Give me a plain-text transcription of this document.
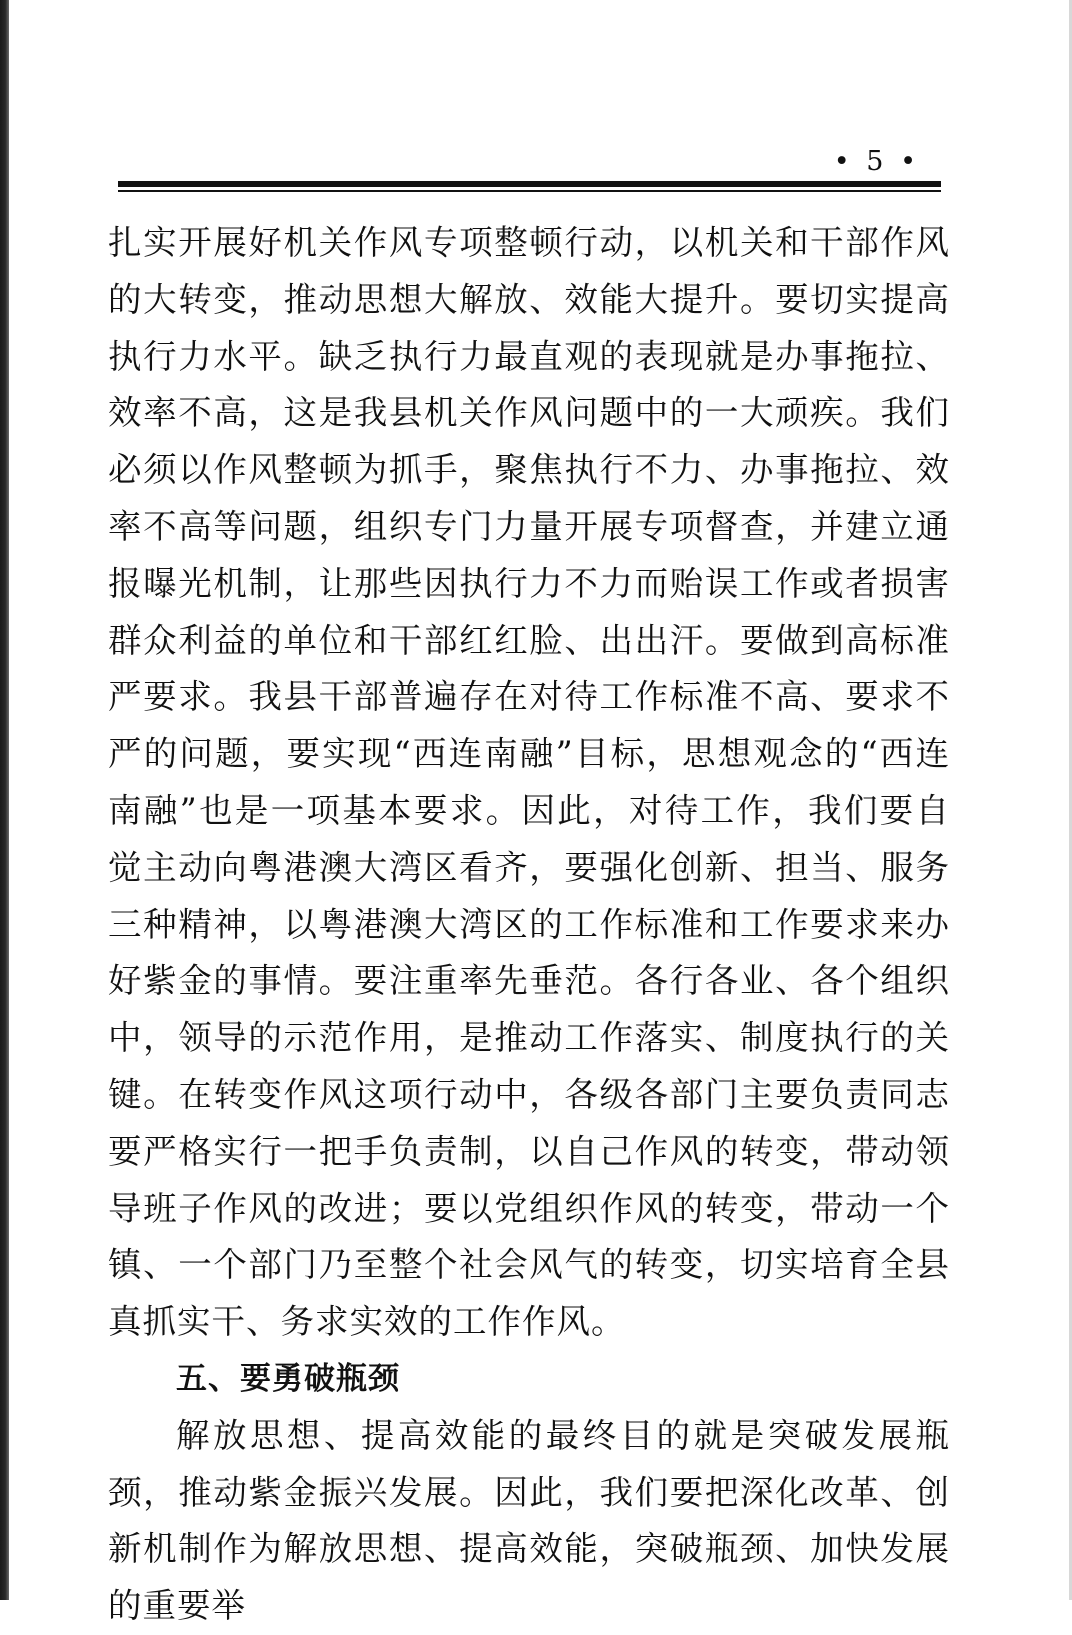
• 5 •

扎实开展好机关作风专项整顿行动，以机关和干部作风的大转变，推动思想大解放、效能大提升。要切实提高执行力水平。缺乏执行力最直观的表现就是办事拖拉、效率不高，这是我县机关作风问题中的一大顽疾。我们必须以作风整顿为抓手，聚焦执行不力、办事拖拉、效率不高等问题，组织专门力量开展专项督查，并建立通报曝光机制，让那些因执行力不力而贻误工作或者损害群众利益的单位和干部红红脸、出出汗。要做到高标准严要求。我县干部普遍存在对待工作标准不高、要求不严的问题，要实现“西连南融”目标，思想观念的“西连南融”也是一项基本要求。因此，对待工作，我们要自觉主动向粤港澳大湾区看齐，要强化创新、担当、服务三种精神，以粤港澳大湾区的工作标准和工作要求来办好紫金的事情。要注重率先垂范。各行各业、各个组织中，领导的示范作用，是推动工作落实、制度执行的关键。在转变作风这项行动中，各级各部门主要负责同志要严格实行一把手负责制，以自己作风的转变，带动领导班子作风的改进；要以党组织作风的转变，带动一个镇、一个部门乃至整个社会风气的转变，切实培育全县真抓实干、务求实效的工作作风。

五、要勇破瓶颈

解放思想、提高效能的最终目的就是突破发展瓶颈，推动紫金振兴发展。因此，我们要把深化改革、创新机制作为解放思想、提高效能，突破瓶颈、加快发展的重要举
